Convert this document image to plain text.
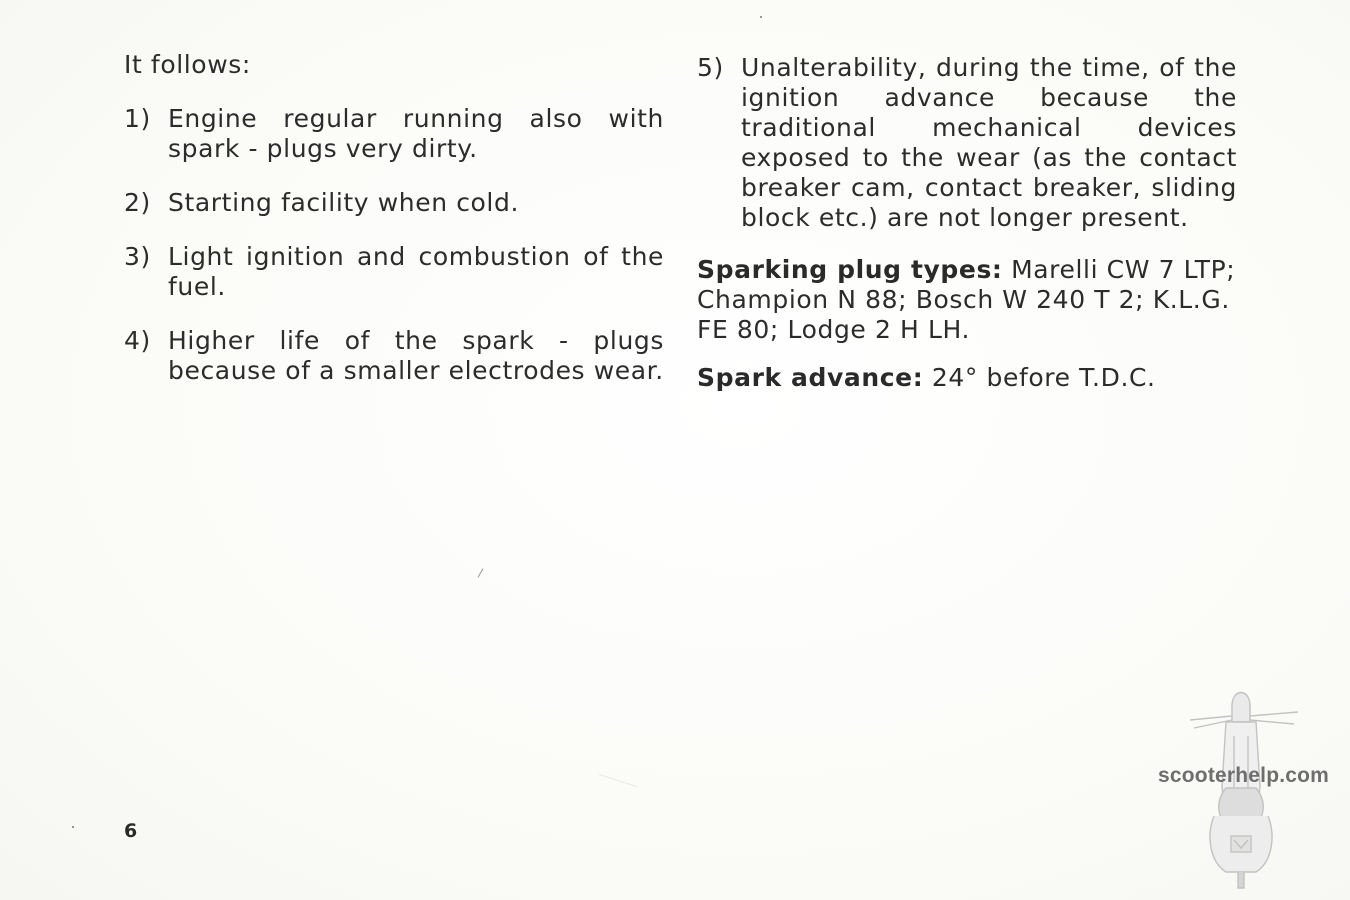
It follows:

1) Engine regular running also with spark - plugs very dirty.
2) Starting facility when cold.
3) Light ignition and combustion of the fuel.
4) Higher life of the spark - plugs because of a smaller electrodes wear.
5) Unalterability, during the time, of the ignition advance because the traditional mechanical devices exposed to the wear (as the contact breaker cam, contact breaker, sliding block etc.) are not longer present.

Sparking plug types: Marelli CW 7 LTP; Champion N 88; Bosch W 240 T 2; K.L.G. FE 80; Lodge 2 H LH.

Spark advance: 24° before T.D.C.

6
scooterhelp.com
